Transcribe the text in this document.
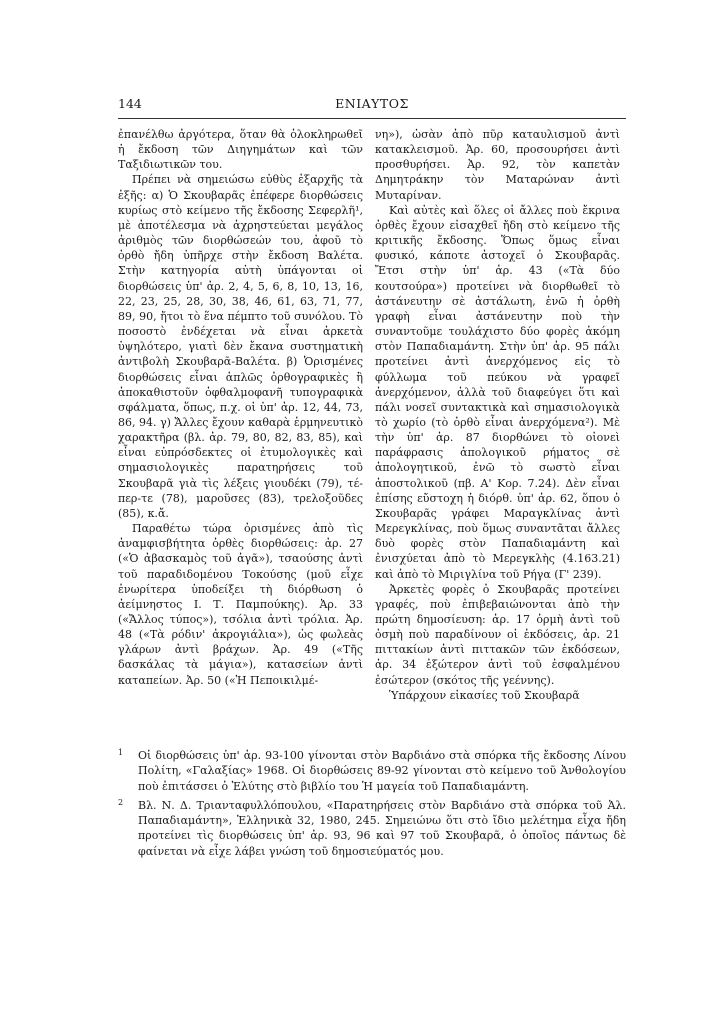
144	ΕΝΙΑΥΤΟΣ

ἐπανέλθω ἀργότερα, ὅταν θὰ ὁλοκληρωθεῖ ἡ ἔκδοση τῶν Διηγημάτων καὶ τῶν Ταξιδιωτικῶν του.

Πρέπει νὰ σημειώσω εὐθὺς ἐξαρχῆς τὰ ἑξῆς: α) Ὁ Σκουβαρᾶς ἐπέφερε διορθώσεις κυρίως στὸ κείμενο τῆς ἔκδοσης Σεφερλῆ¹, μὲ ἀποτέλεσμα νὰ ἀχρηστεύεται μεγάλος ἀριθμὸς τῶν διορθώσεών του, ἀφοῦ τὸ ὀρθὸ ἤδη ὑπῆρχε στὴν ἔκδοση Βαλέτα. Στὴν κατηγορία αὐτὴ ὑπάγονται οἱ διορθώσεις ὑπ' ἀρ. 2, 4, 5, 6, 8, 10, 13, 16, 22, 23, 25, 28, 30, 38, 46, 61, 63, 71, 77, 89, 90, ἤτοι τὸ ἕνα πέμπτο τοῦ συνόλου. Τὸ ποσοστὸ ἐνδέχεται νὰ εἶναι ἀρκετὰ ὑψηλότερο, γιατὶ δὲν ἔκανα συστηματικὴ ἀντιβολὴ Σκουβαρᾶ-Βαλέτα. β) Ὁρισμένες διορθώσεις εἶναι ἁπλῶς ὀρθογραφικὲς ἢ ἀποκαθιστοῦν ὀφθαλμοφανῆ τυπογραφικὰ σφάλματα, ὅπως, π.χ. οἱ ὑπ' ἀρ. 12, 44, 73, 86, 94. γ) Ἄλλες ἔχουν καθαρὰ ἑρμηνευτικὸ χαρακτῆρα (βλ. ἀρ. 79, 80, 82, 83, 85), καὶ εἶναι εὐπρόσδεκτες οἱ ἐτυμολογικὲς καὶ σημασιολογικὲς παρατηρήσεις τοῦ Σκουβαρᾶ γιὰ τὶς λέξεις γιουδέκι (79), τέ-περ-τε (78), μαροῦσες (83), τρελοξοῦδες (85), κ.ἄ.

Παραθέτω τώρα ὁρισμένες ἀπὸ τὶς ἀναμφισβήτητα ὀρθὲς διορθώσεις: ἀρ. 27 («Ὁ ἀβασκαμὸς τοῦ ἀγᾶ»), τσαούσης ἀντὶ τοῦ παραδιδομένου Τοκούσης (μοῦ εἶχε ἐνωρίτερα ὑποδείξει τὴ διόρθωση ὁ ἀείμνηστος Ι. Τ. Παμπούκης). Ἀρ. 33 («Ἄλλος τύπος»), τσόλια ἀντὶ τρόλια. Ἀρ. 48 («Τὰ ρόδιν' ἀκρογιάλια»), ὡς φωλεὰς γλάρων ἀντὶ βράχων. Ἀρ. 49 («Τῆς δασκάλας τὰ μάγια»), κατασείων ἀντὶ καταπείων. Ἀρ. 50 («Ἡ Πεποικιλμέ-

νη»), ὡσὰν ἀπὸ πῦρ καταυλισμοῦ ἀντὶ κατακλεισμοῦ. Ἀρ. 60, προσουρήσει ἀντὶ προσθυρήσει. Ἀρ. 92, τὸν καπετὰν Δημητράκην τὸν Ματαρώναν ἀντὶ Μυταρίναν.

Καὶ αὐτὲς καὶ ὅλες οἱ ἄλλες ποὺ ἔκρινα ὀρθὲς ἔχουν εἰσαχθεῖ ἤδη στὸ κείμενο τῆς κριτικῆς ἔκδοσης. Ὅπως ὅμως εἶναι φυσικό, κάποτε ἀστοχεῖ ὁ Σκουβαρᾶς. Ἔτσι στὴν ὑπ' ἀρ. 43 («Τὰ δύο κουτσούρα») προτείνει νὰ διορθωθεῖ τὸ ἀστάνευτην σὲ ἀστάλωτη, ἐνῶ ἡ ὀρθὴ γραφὴ εἶναι ἀστάνευτην ποὺ τὴν συναντοῦμε τουλάχιστο δύο φορὲς ἀκόμη στὸν Παπαδιαμάντη. Στὴν ὑπ' ἀρ. 95 πάλι προτείνει ἀντὶ ἀνερχόμενος εἰς τὸ φύλλωμα τοῦ πεύκου νὰ γραφεῖ ἀνερχόμενον, ἀλλὰ τοῦ διαφεύγει ὅτι καὶ πάλι νοσεῖ συντακτικὰ καὶ σημασιολογικὰ τὸ χωρίο (τὸ ὀρθὸ εἶναι ἀνερχόμενα²). Μὲ τὴν ὑπ' ἀρ. 87 διορθώνει τὸ οἱονεὶ παράφρασις ἀπολογικοῦ ρήματος σὲ ἀπολογητικοῦ, ἐνῶ τὸ σωστὸ εἶναι ἀποστολικοῦ (πβ. Α' Κορ. 7.24). Δὲν εἶναι ἐπίσης εὔστοχη ἡ διόρθ. ὑπ' ἀρ. 62, ὅπου ὁ Σκουβαρᾶς γράφει Μαραγκλίνας ἀντὶ Μερεγκλίνας, ποὺ ὅμως συναντᾶται ἄλλες δυὸ φορὲς στὸν Παπαδιαμάντη καὶ ἐνισχύεται ἀπὸ τὸ Μερεγκλὴς (4.163.21) καὶ ἀπὸ τὸ Μιριγλίνα τοῦ Ρήγα (Γ' 239).

Ἀρκετὲς φορὲς ὁ Σκουβαρᾶς προτείνει γραφές, ποὺ ἐπιβεβαιώνονται ἀπὸ τὴν πρώτη δημοσίευση: ἀρ. 17 ὁρμὴ ἀντὶ τοῦ ὀσμὴ ποὺ παραδίνουν οἱ ἐκδόσεις, ἀρ. 21 πιττακίων ἀντὶ πιττακῶν τῶν ἐκδόσεων, ἀρ. 34 ἐξώτερον ἀντὶ τοῦ ἐσφαλμένου ἐσώτερον (σκότος τῆς γεέννης).

Ὑπάρχουν εἰκασίες τοῦ Σκουβαρᾶ

1 Οἱ διορθώσεις ὑπ' ἀρ. 93-100 γίνονται στὸν Βαρδιάνο στὰ σπόρκα τῆς ἔκδοσης Λίνου Πολίτη, «Γαλαξίας» 1968. Οἱ διορθώσεις 89-92 γίνονται στὸ κείμενο τοῦ Ἀνθολογίου ποὺ ἐπιτάσσει ὁ Ἐλύτης στὸ βιβλίο του Ἡ μαγεία τοῦ Παπαδιαμάντη.

2 Βλ. Ν. Δ. Τριανταφυλλόπουλου, «Παρατηρήσεις στὸν Βαρδιάνο στὰ σπόρκα τοῦ Ἀλ. Παπαδιαμάντη», Ἑλληνικὰ 32, 1980, 245. Σημειώνω ὅτι στὸ ἴδιο μελέτημα εἶχα ἤδη προτείνει τὶς διορθώσεις ὑπ' ἀρ. 93, 96 καὶ 97 τοῦ Σκουβαρᾶ, ὁ ὁποῖος πάντως δὲ φαίνεται νὰ εἶχε λάβει γνώση τοῦ δημοσιεύματός μου.
